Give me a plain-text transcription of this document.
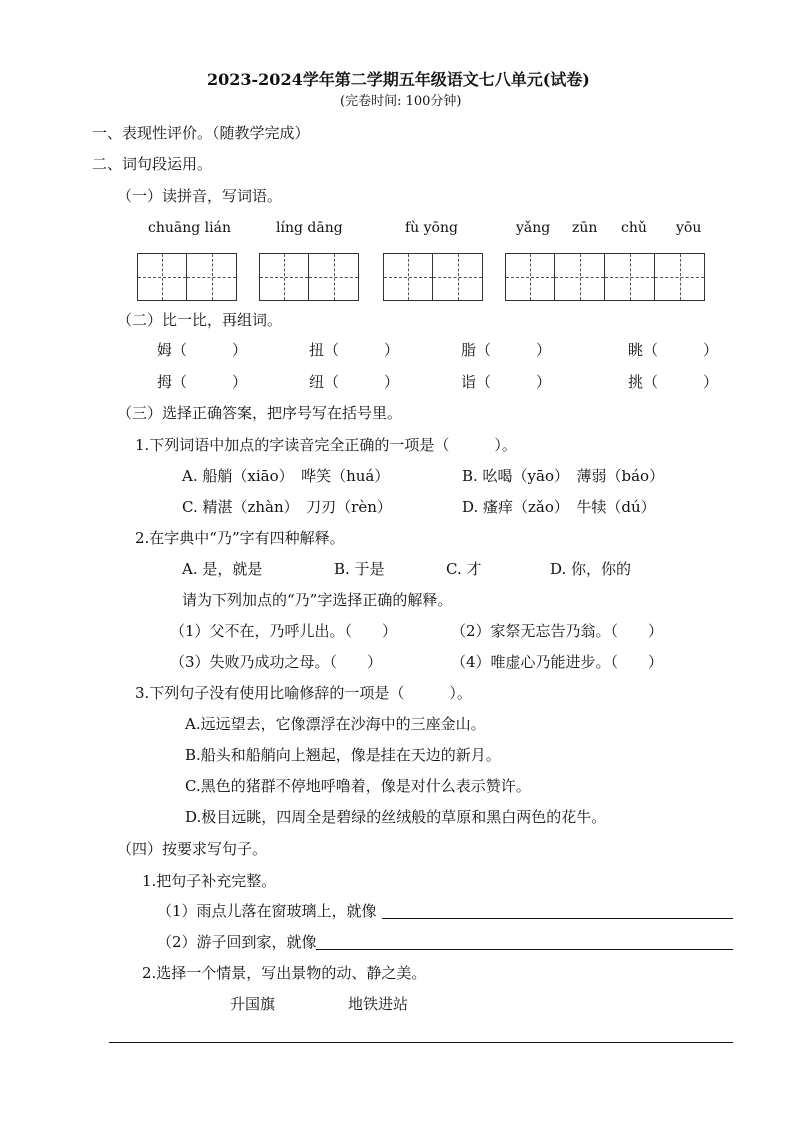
2023-2024学年第二学期五年级语文七八单元(试卷)
(完卷时间: 100分钟)
一、表现性评价。（随教学完成）
二、词句段运用。
（一）读拼音，写词语。
chuāng lián	líng dāng	fù yōng	yǎng zūn chǔ yōu
（二）比一比，再组词。
姆（　　　）	扭（　　　）	脂（　　　）	眺（　　　）
拇（　　　）	纽（　　　）	诣（　　　）	挑（　　　）
（三）选择正确答案，把序号写在括号里。
1.下列词语中加点的字读音完全正确的一项是（　　　）。
A. 船艄（xiāo）　哗笑（huá）	B. 吆喝（yāo）　薄弱（báo）
C. 精湛（zhàn）　刀刃（rèn）	D. 瘙痒（zǎo）　牛犊（dú）
2.在字典中“乃”字有四种解释。
A. 是，就是	B. 于是	C. 才	D. 你，你的
请为下列加点的“乃”字选择正确的解释。
（1）父不在，乃呼儿出。（　　）	（2）家祭无忘告乃翁。（　　）
（3）失败乃成功之母。（　　）	（4）唯虚心乃能进步。（　　）
3.下列句子没有使用比喻修辞的一项是（　　　）。
A.远远望去，它像漂浮在沙海中的三座金山。
B.船头和船艄向上翘起，像是挂在天边的新月。
C.黑色的猪群不停地呼噜着，像是对什么表示赞许。
D.极目远眺，四周全是碧绿的丝绒般的草原和黑白两色的花牛。
（四）按要求写句子。
1.把句子补充完整。
（1）雨点儿落在窗玻璃上，就像
（2）游子回到家，就像
2.选择一个情景，写出景物的动、静之美。
升国旗	地铁进站
